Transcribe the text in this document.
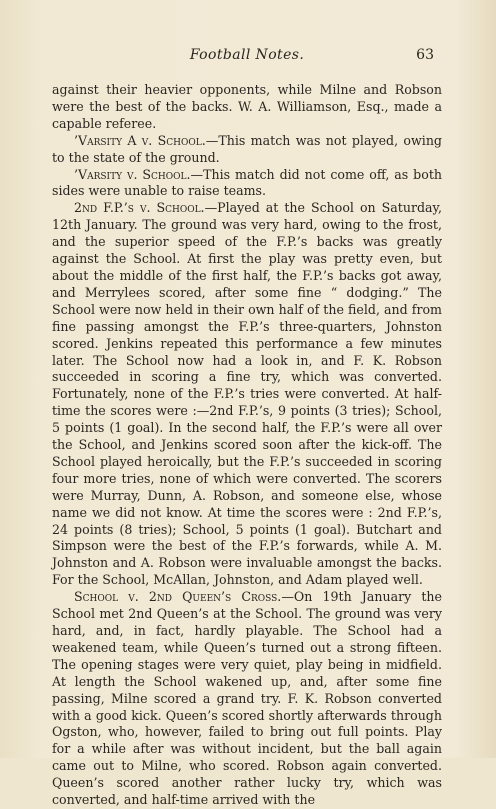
Football Notes.	63

against their heavier opponents, while Milne and Robson were the best of the backs. W. A. Williamson, Esq., made a capable referee.

’Varsity A v. School.—This match was not played, owing to the state of the ground.

’Varsity v. School.—This match did not come off, as both sides were unable to raise teams.

2nd F.P.’s v. School.—Played at the School on Saturday, 12th January. The ground was very hard, owing to the frost, and the superior speed of the F.P.’s backs was greatly against the School. At first the play was pretty even, but about the middle of the first half, the F.P.’s backs got away, and Merrylees scored, after some fine “ dodging.” The School were now held in their own half of the field, and from fine passing amongst the F.P.’s three-quarters, Johnston scored. Jenkins repeated this performance a few minutes later. The School now had a look in, and F. K. Robson succeeded in scoring a fine try, which was converted. Fortunately, none of the F.P.’s tries were converted. At half-time the scores were :—2nd F.P.’s, 9 points (3 tries); School, 5 points (1 goal). In the second half, the F.P.’s were all over the School, and Jenkins scored soon after the kick-off. The School played heroically, but the F.P.’s succeeded in scoring four more tries, none of which were converted. The scorers were Murray, Dunn, A. Robson, and someone else, whose name we did not know. At time the scores were : 2nd F.P.’s, 24 points (8 tries); School, 5 points (1 goal). Butchart and Simpson were the best of the F.P.’s forwards, while A. M. Johnston and A. Robson were invaluable amongst the backs. For the School, McAllan, Johnston, and Adam played well.

School v. 2nd Queen’s Cross.—On 19th January the School met 2nd Queen’s at the School. The ground was very hard, and, in fact, hardly playable. The School had a weakened team, while Queen’s turned out a strong fifteen. The opening stages were very quiet, play being in midfield. At length the School wakened up, and, after some fine passing, Milne scored a grand try. F. K. Robson converted with a good kick. Queen’s scored shortly afterwards through Ogston, who, however, failed to bring out full points. Play for a while after was without incident, but the ball again came out to Milne, who scored. Robson again converted. Queen’s scored another rather lucky try, which was converted, and half-time arrived with the
